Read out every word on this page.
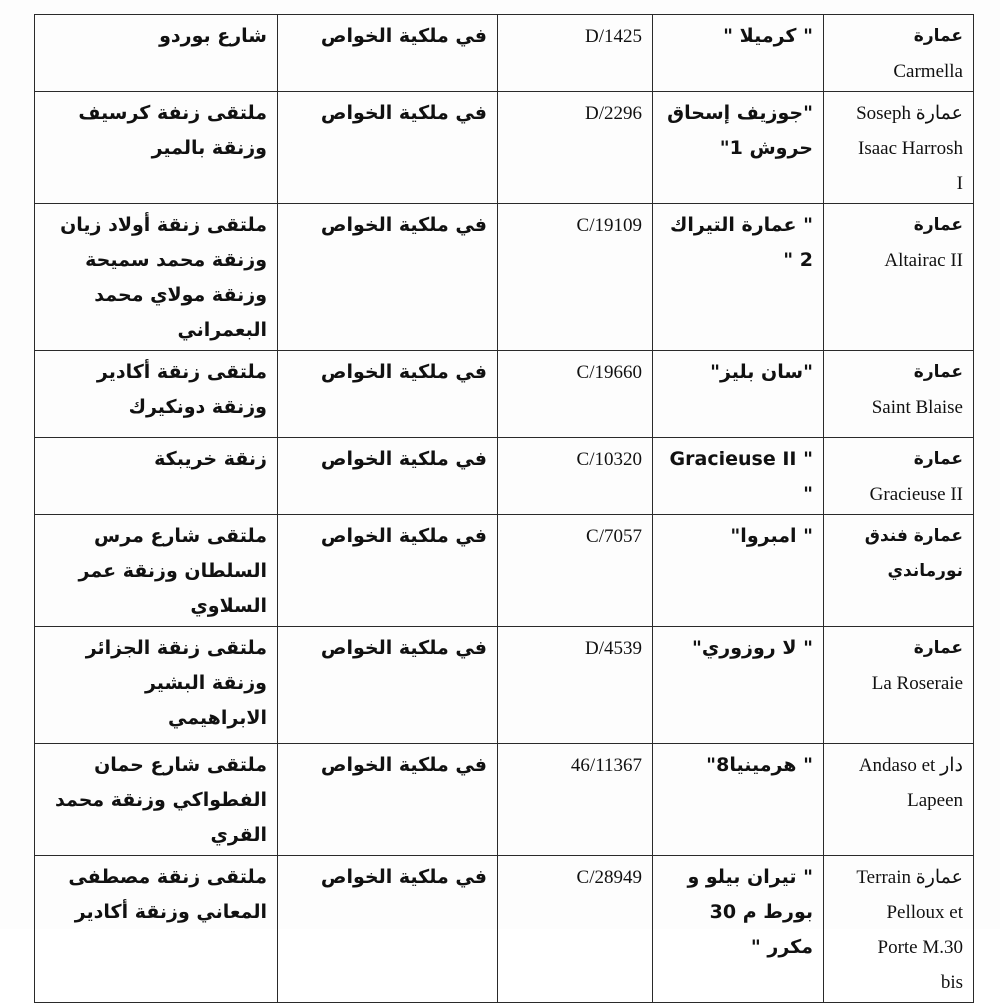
عمارة
Carmella	" كرميلا "	D/1425	في ملكية الخواص	شارع بوردو

عمارة Soseph
Isaac Harrosh
I	"جوزيف إسحاق حروش 1"	D/2296	في ملكية الخواص	ملتقى زنفة كرسيف وزنقة بالمير

عمارة
Altairac II	" عمارة التيراك 2 "	C/19109	في ملكية الخواص	ملتقى زنقة أولاد زيان وزنقة محمد سميحة وزنقة مولاي محمد البعمراني

عمارة
Saint Blaise	"سان بليز"	C/19660	في ملكية الخواص	ملتقى زنقة أكادير وزنقة دونكيرك

عمارة
Gracieuse II	" Gracieuse II "	C/10320	في ملكية الخواص	زنقة خريبكة

عمارة فندق
نورماندي	" امبروا"	C/7057	في ملكية الخواص	ملتقى شارع مرس السلطان وزنقة عمر السلاوي

عمارة
La Roseraie	" لا روزوري"	D/4539	في ملكية الخواص	ملتقى زنقة الجزائر وزنقة البشير الابراهيمي

دار Andaso et
Lapeen	" هرمينيا8"	46/11367	في ملكية الخواص	ملتقى شارع حمان الفطواكي وزنقة محمد القري

عمارة Terrain
Pelloux et
Porte M.30
bis	" تيران بيلو و بورط م 30 مكرر "	C/28949	في ملكية الخواص	ملتقى زنقة مصطفى المعاني وزنقة أكادير
